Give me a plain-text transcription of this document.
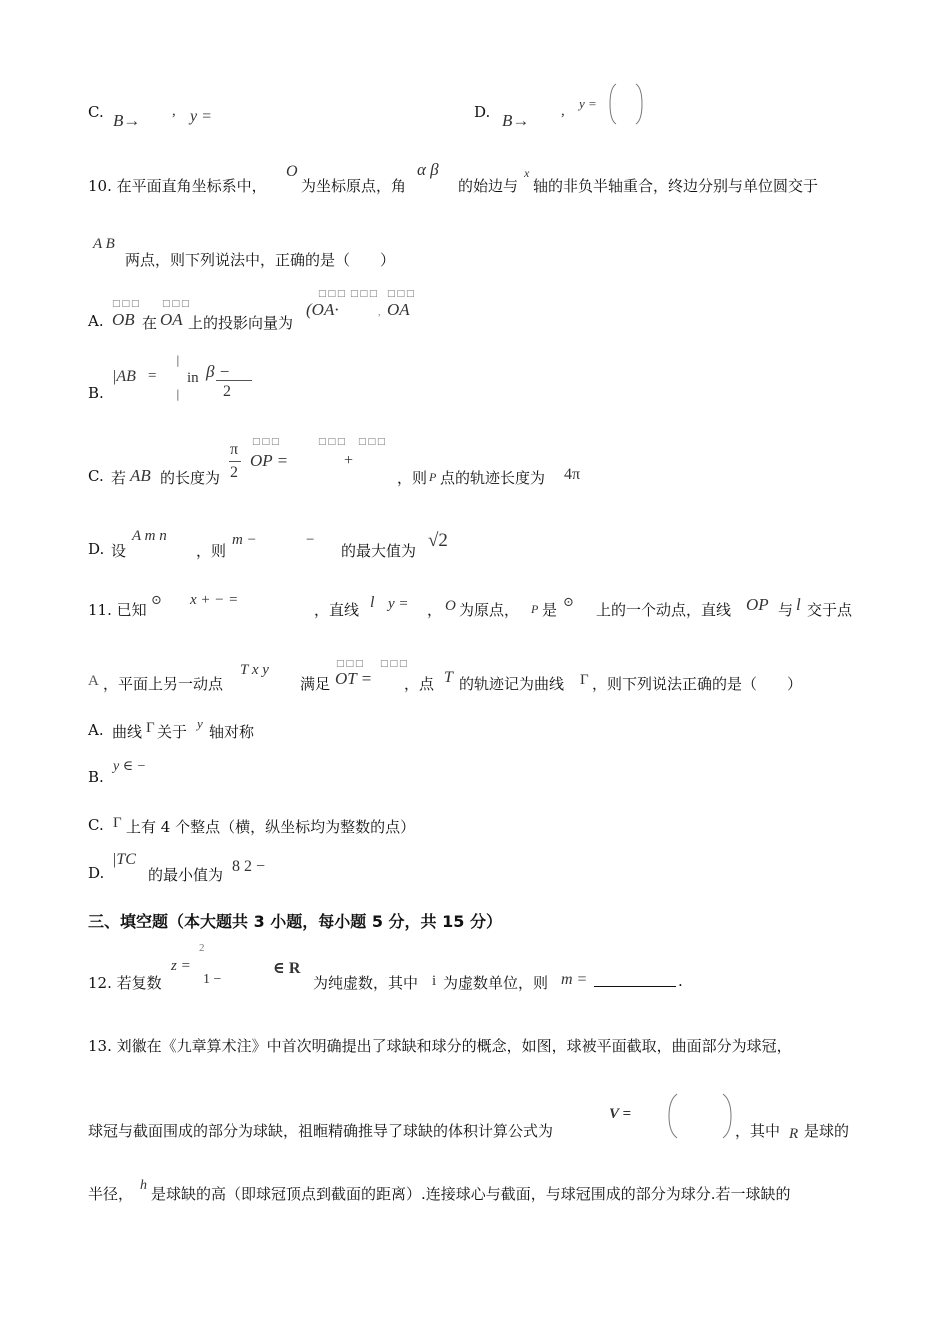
C. B→ , y =	D. B→ , y =
10. 在平面直角坐标系中，
O
为坐标原点，角
α β
的始边与
x
轴的非负半轴重合，终边分别与单位圆交于
A B
两点，则下列说法中，正确的是（　　）
A.
□□□
OB 在
□□□
OA 上的投影向量为
□□□ □□□ □□□
(OA·	, OA
B.
|AB =
|
|
in β −
2
C. 若 AB 的长度为
π
2
□□□	□□□ □□□
OP =	+
，则 P 点的轨迹长度为 4π
D. 设
A m n
，则
m −	−
的最大值为 √2
11. 已知
⊙ x + − =
，直线 l y = ， O 为原点， P 是 ⊙ 上的一个动点，直线 OP 与 l 交于点
A ，平面上另一动点
T x y
满足
□□□ □□□
OT = ，点 T 的轨迹记为曲线 Γ ，则下列说法正确的是（　　）
A. 曲线 Γ 关于 y 轴对称
B.
y ∈ −
C. Γ 上有 4 个整点（横，纵坐标均为整数的点）
D.
|TC
的最小值为 8 2 −
三、填空题（本大题共 3 小题，每小题 5 分，共 15 分）
12. 若复数
z =
2
1 −
∈ R
为纯虚数，其中 i 为虚数单位，则 m =	.
13. 刘徽在《九章算术注》中首次明确提出了球缺和球分的概念，如图，球被平面截取，曲面部分为球冠，
球冠与截面围成的部分为球缺，祖暅精确推导了球缺的体积计算公式为
V =
，其中 R 是球的
半径， h 是球缺的高（即球冠顶点到截面的距离）.连接球心与截面，与球冠围成的部分为球分.若一球缺的
